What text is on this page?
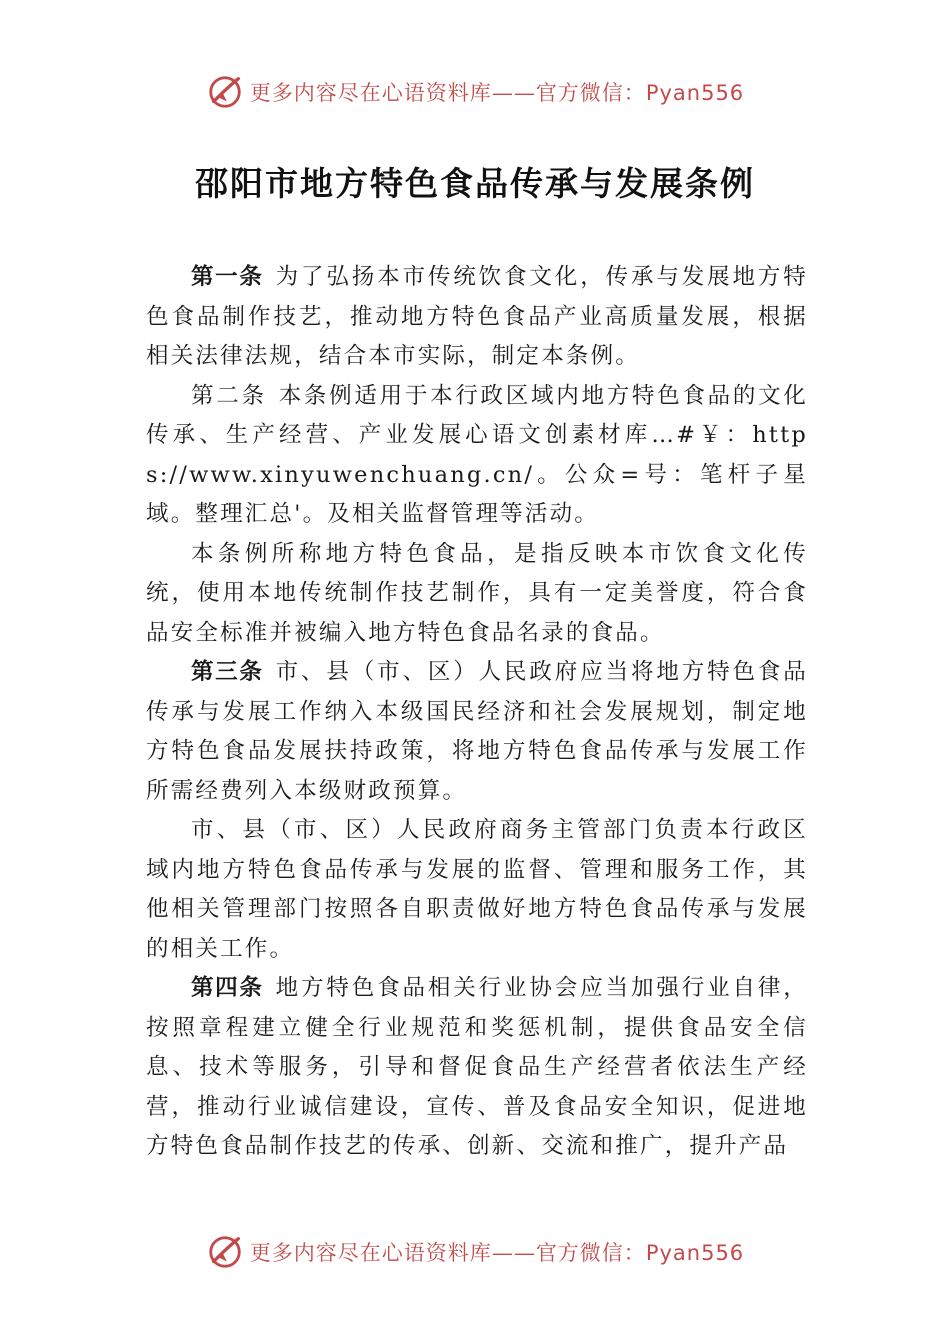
更多内容尽在心语资料库——官方微信：Pyan556
邵阳市地方特色食品传承与发展条例

第一条 为了弘扬本市传统饮食文化，传承与发展地方特色食品制作技艺，推动地方特色食品产业高质量发展，根据相关法律法规，结合本市实际，制定本条例。

第二条 本条例适用于本行政区域内地方特色食品的文化传承、生产经营、产业发展心语文创素材库…#￥：https://www.xinyuwenchuang.cn/。公众=号：笔杆子星域。整理汇总'。及相关监督管理等活动。

本条例所称地方特色食品，是指反映本市饮食文化传统，使用本地传统制作技艺制作，具有一定美誉度，符合食品安全标准并被编入地方特色食品名录的食品。

第三条 市、县（市、区）人民政府应当将地方特色食品传承与发展工作纳入本级国民经济和社会发展规划，制定地方特色食品发展扶持政策，将地方特色食品传承与发展工作所需经费列入本级财政预算。

市、县（市、区）人民政府商务主管部门负责本行政区域内地方特色食品传承与发展的监督、管理和服务工作，其他相关管理部门按照各自职责做好地方特色食品传承与发展的相关工作。

第四条 地方特色食品相关行业协会应当加强行业自律，按照章程建立健全行业规范和奖惩机制，提供食品安全信息、技术等服务，引导和督促食品生产经营者依法生产经营，推动行业诚信建设，宣传、普及食品安全知识，促进地方特色食品制作技艺的传承、创新、交流和推广，提升产品

更多内容尽在心语资料库——官方微信：Pyan556
